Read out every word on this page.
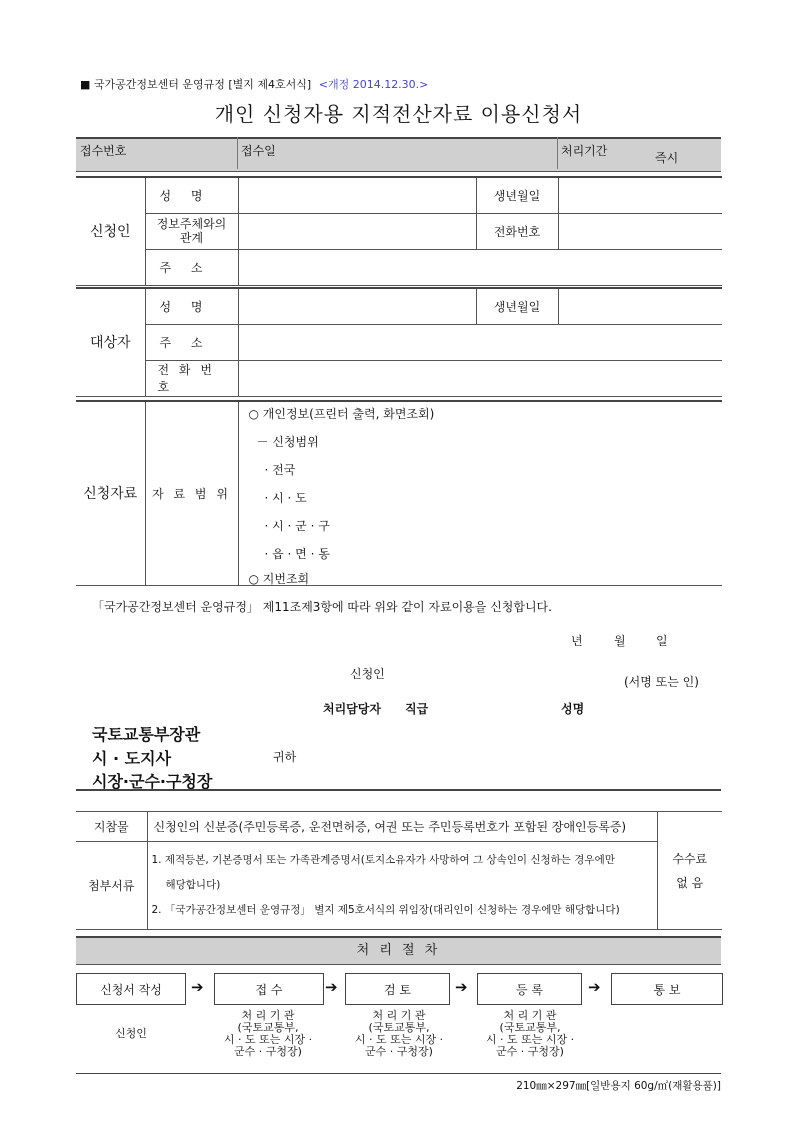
■ 국가공간정보센터 운영규정 [별지 제4호서식] <개정 2014.12.30.>
개인 신청자용 지적전산자료 이용신청서
접수번호	접수일	처리기간	즉시
신청인	성 명		생년월일	
	정보주체와의 관계		전화번호	
	주 소			
대상자	성 명		생년월일	
	주 소			
	전 화 번 호			
신청자료	자 료 범 위	
○ 개인정보(프린터 출력, 화면조회)
－ 신청범위
· 전국
· 시 · 도
· 시 · 군 · 구
· 읍 · 면 · 동
○ 지번조회
「국가공간정보센터 운영규정」 제11조제3항에 따라 위와 같이 자료이용을 신청합니다.
년	월	일
신청인
(서명 또는 인)
처리담당자 직급	성명
국토교통부장관
시 · 도지사	귀하
시장·군수·구청장
지참물	신청인의 신분증(주민등록증, 운전면허증, 여권 또는 주민등록번호가 포함된 장애인등록증)	수수료
없 음

첨부서류	1. 제적등본, 기본증명서 또는 가족관계증명서(토지소유자가 사망하여 그 상속인이 신청하는 경우에만
해당합니다)
2. 「국가공간정보센터 운영규정」 별지 제5호서식의 위임장(대리인이 신청하는 경우에만 해당합니다)	
처 리 절 차
신청서 작성	➔	접 수	➔	검 토	➔	등 록	➔	통 보
신청인
처 리 기 관
(국토교통부,
시 · 도 또는 시장 ·
군수 · 구청장)
처 리 기 관
(국토교통부,
시 · 도 또는 시장 ·
군수 · 구청장)
처 리 기 관
(국토교통부,
시 · 도 또는 시장 ·
군수 · 구청장)
210㎜×297㎜[일반용지 60g/㎡(재활용품)]
